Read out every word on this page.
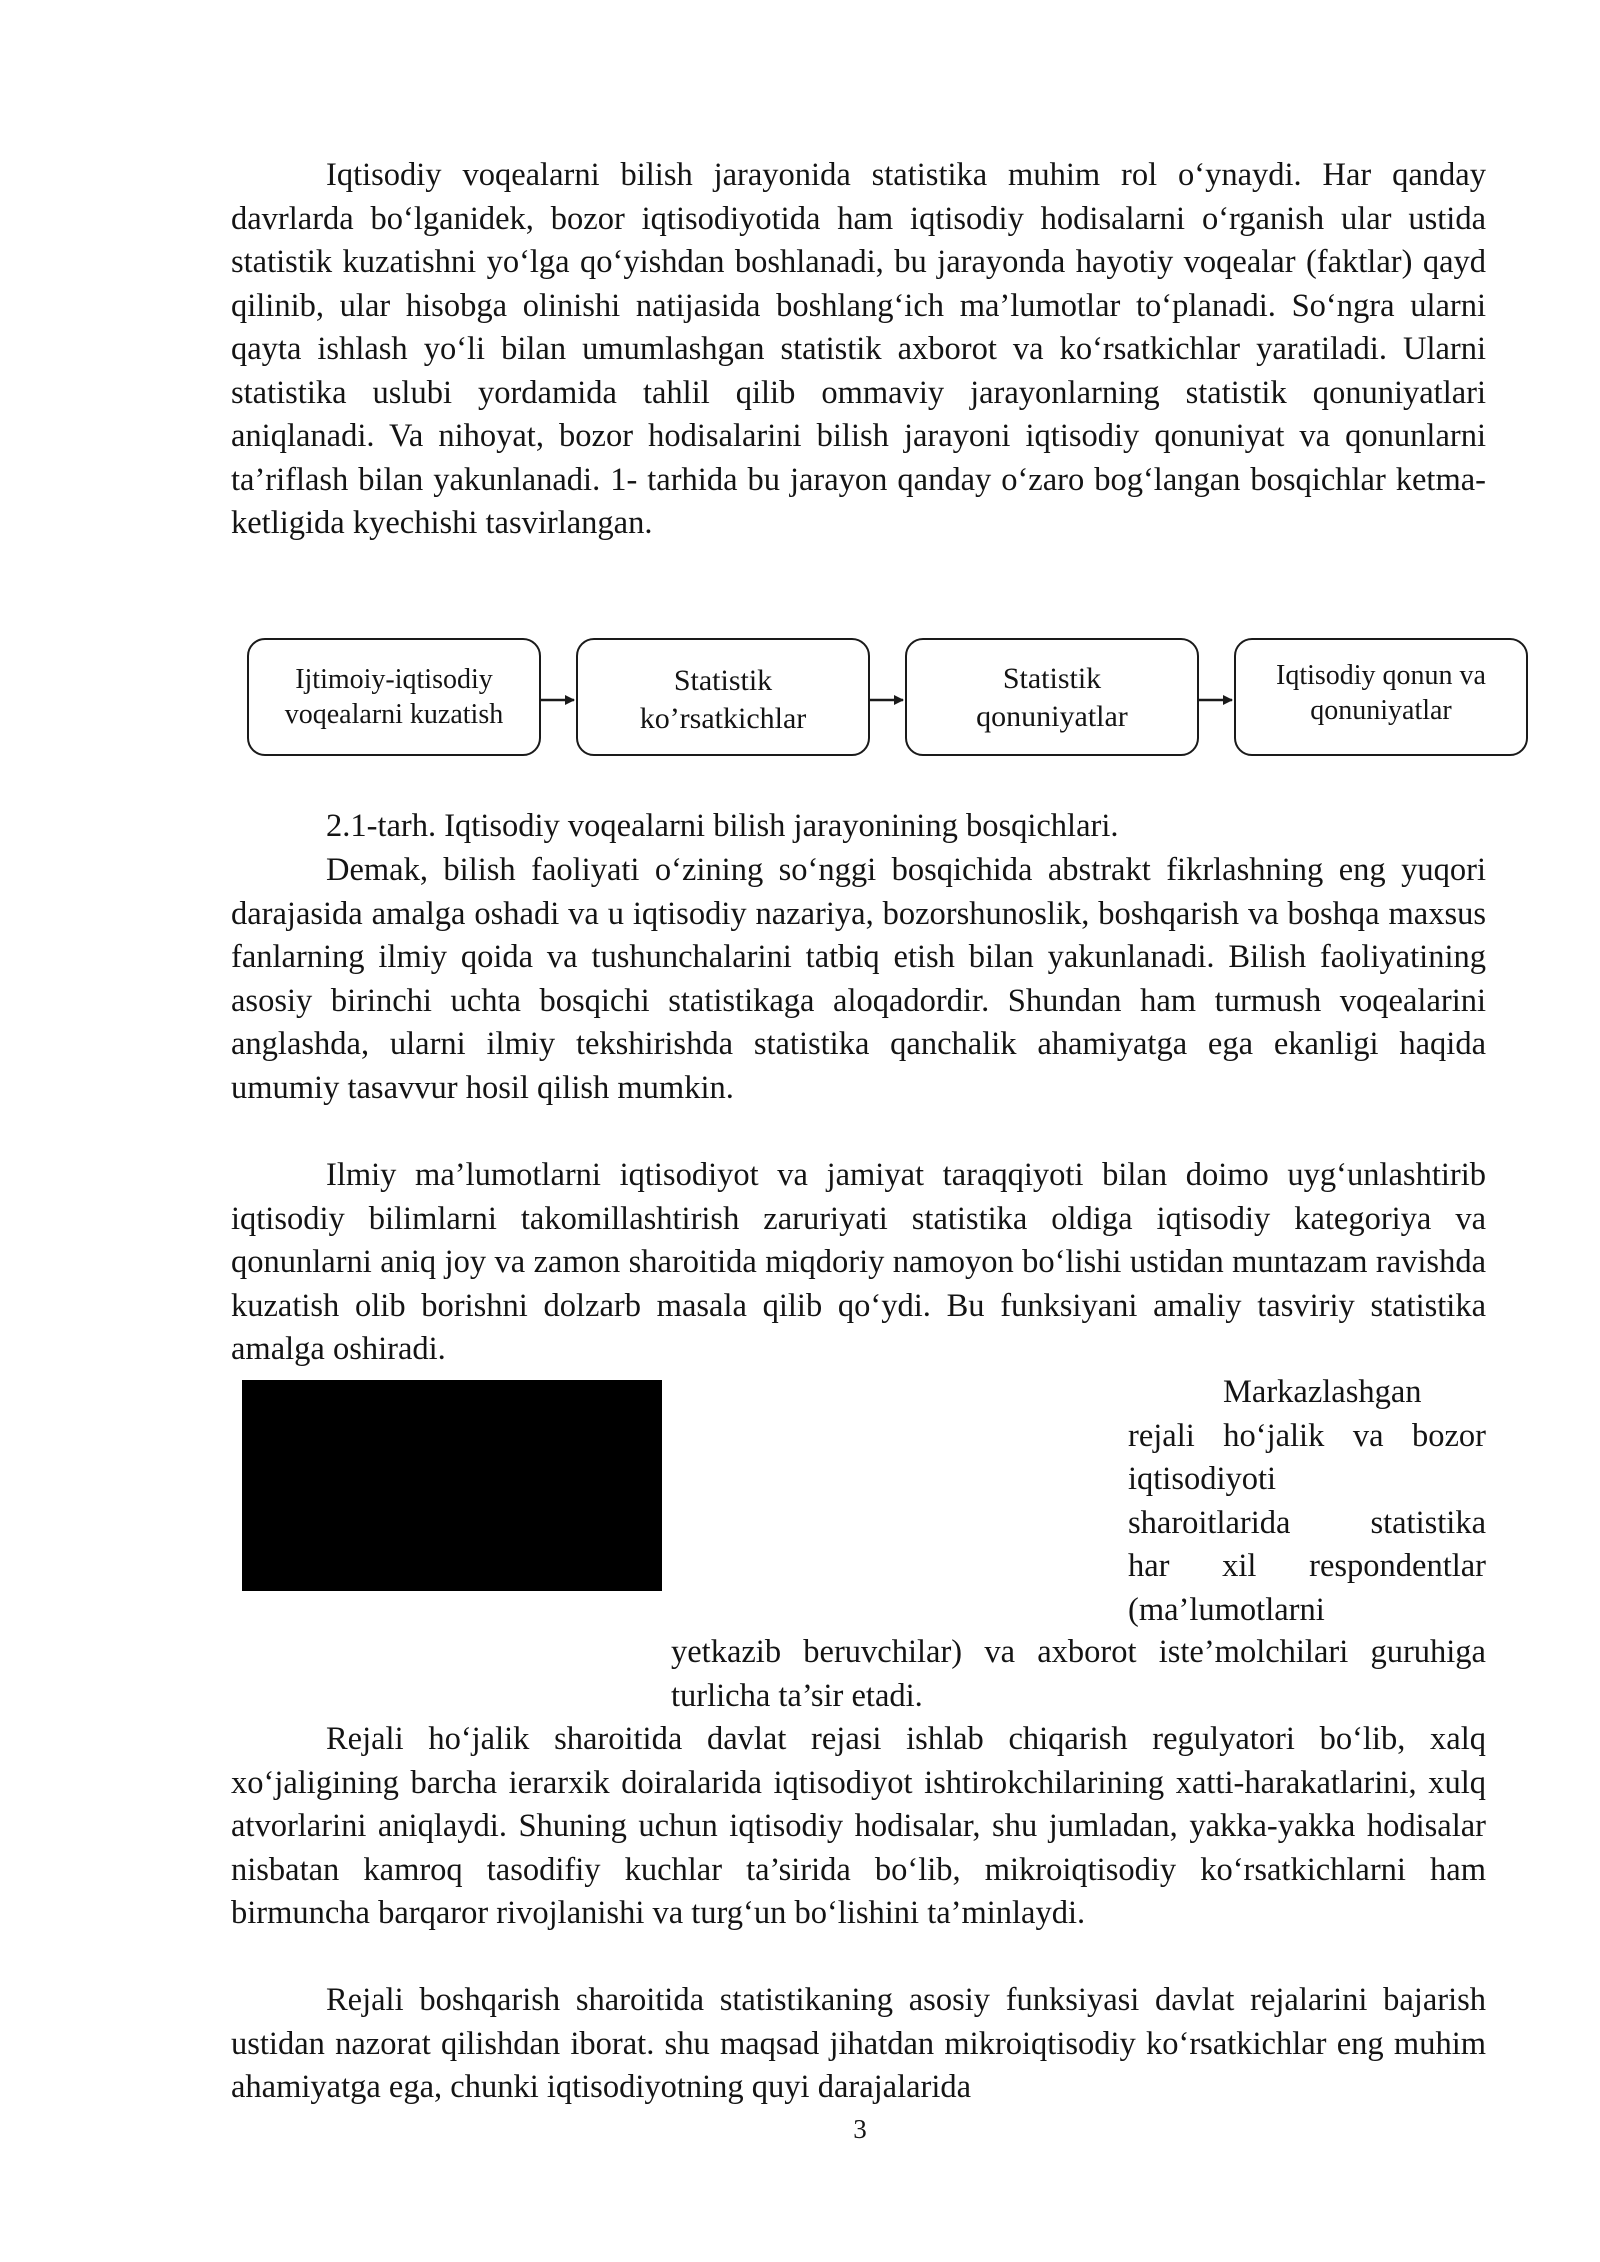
Iqtisodiy voqealarni bilish jarayonida statistika muhim rol o‘ynaydi. Har qanday davrlarda bo‘lganidek, bozor iqtisodiyotida ham iqtisodiy hodisalarni o‘rganish ular ustida statistik kuzatishni yo‘lga qo‘yishdan boshlanadi, bu jarayonda hayotiy voqealar (faktlar) qayd qilinib, ular hisobga olinishi natijasida boshlang‘ich ma’lumotlar to‘planadi. So‘ngra ularni qayta ishlash yo‘li bilan umumlashgan statistik axborot va ko‘rsatkichlar yaratiladi. Ularni statistika uslubi yordamida tahlil qilib ommaviy jarayonlarning statistik qonuniyatlari aniqlanadi. Va nihoyat, bozor hodisalarini bilish jarayoni iqtisodiy qonuniyat va qonunlarni ta’riflash bilan yakunlanadi. 1- tarhida bu jarayon qanday o‘zaro bog‘langan bosqichlar ketma-ketligida kyechishi tasvirlangan.

Ijtimoiy-iqtisodiy
voqealarni kuzatish
Statistik
ko’rsatkichlar
Statistik
qonuniyatlar
Iqtisodiy qonun va
qonuniyatlar

2.1-tarh. Iqtisodiy voqealarni bilish jarayonining bosqichlari.

Demak, bilish faoliyati o‘zining so‘nggi bosqichida abstrakt fikrlashning eng yuqori darajasida amalga oshadi va u iqtisodiy nazariya, bozorshunoslik, boshqarish va boshqa maxsus fanlarning ilmiy qoida va tushunchalarini tatbiq etish bilan yakunlanadi. Bilish faoliyatining asosiy birinchi uchta bosqichi statistikaga aloqadordir. Shundan ham turmush voqealarini anglashda, ularni ilmiy tekshirishda statistika qanchalik ahamiyatga ega ekanligi haqida umumiy tasavvur hosil qilish mumkin.

Ilmiy ma’lumotlarni iqtisodiyot va jamiyat taraqqiyoti bilan doimo uyg‘unlashtirib iqtisodiy bilimlarni takomillashtirish zaruriyati statistika oldiga iqtisodiy kategoriya va qonunlarni aniq joy va zamon sharoitida miqdoriy namoyon bo‘lishi ustidan muntazam ravishda kuzatish olib borishni dolzarb masala qilib qo‘ydi. Bu funksiyani amaliy tasviriy statistika amalga oshiradi.

Markazlashgan
rejali ho‘jalik va bozor
iqtisodiyoti
sharoitlarida statistika
har xil respondentlar
(ma’lumotlarni

yetkazib beruvchilar) va axborot iste’molchilari guruhiga turlicha ta’sir etadi.

Rejali ho‘jalik sharoitida davlat rejasi ishlab chiqarish regulyatori bo‘lib, xalq xo‘jaligining barcha ierarxik doiralarida iqtisodiyot ishtirokchilarining xatti-harakatlarini, xulq atvorlarini aniqlaydi. Shuning uchun iqtisodiy hodisalar, shu jumladan, yakka-yakka hodisalar nisbatan kamroq tasodifiy kuchlar ta’sirida bo‘lib, mikroiqtisodiy ko‘rsatkichlarni ham birmuncha barqaror rivojlanishi va turg‘un bo‘lishini ta’minlaydi.

Rejali boshqarish sharoitida statistikaning asosiy funksiyasi davlat rejalarini bajarish ustidan nazorat qilishdan iborat. shu maqsad jihatdan mikroiqtisodiy ko‘rsatkichlar eng muhim ahamiyatga ega, chunki iqtisodiyotning quyi darajalarida

3
